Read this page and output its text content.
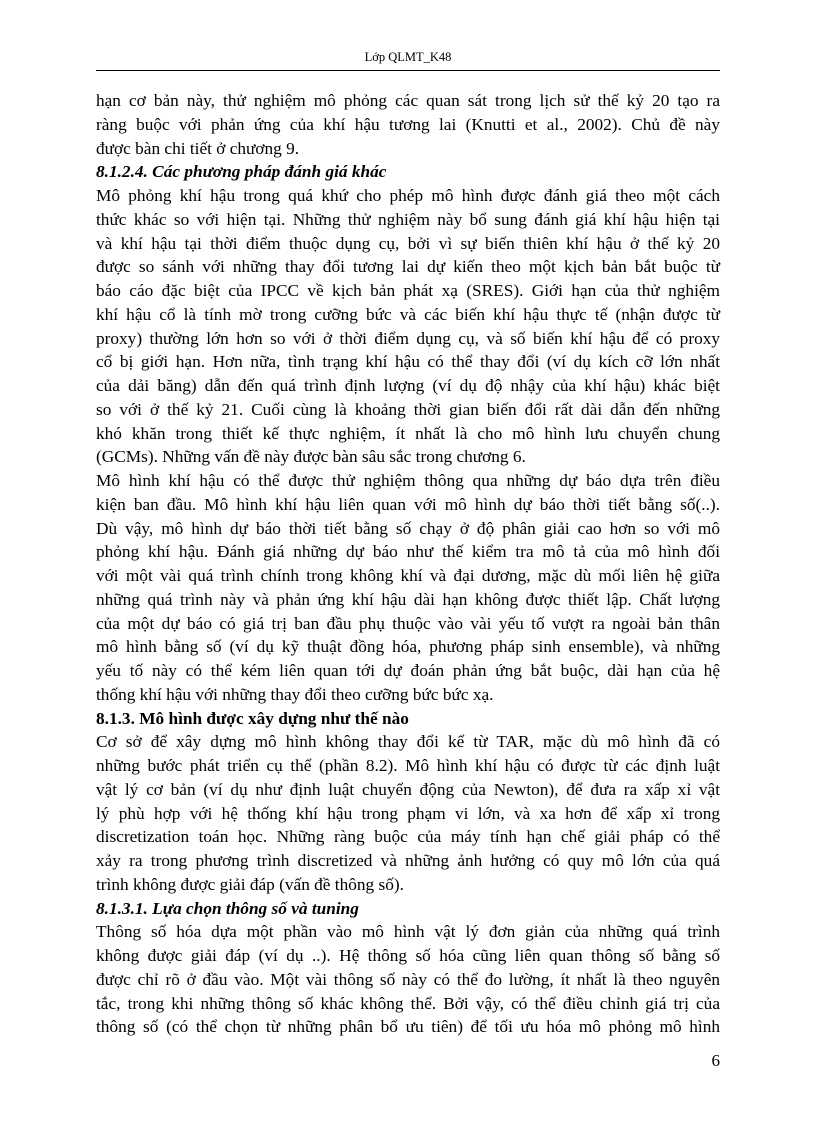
Lớp QLMT_K48
hạn cơ bản này, thử nghiệm mô phỏng các quan sát trong lịch sử thế kỷ 20 tạo ra
ràng buộc với phản ứng của khí hậu tương lai (Knutti et al., 2002). Chủ đề này
được bàn chi tiết ở chương 9.
8.1.2.4. Các phương pháp đánh giá khác
Mô phỏng khí hậu trong quá khứ cho phép mô hình được đánh giá theo một cách
thức khác so với hiện tại. Những thử nghiệm này bổ sung đánh giá khí hậu hiện tại
và khí hậu tại thời điểm thuộc dụng cụ, bởi vì sự biến thiên khí hậu ở thế kỷ 20
được so sánh với những thay đổi tương lai dự kiến theo một kịch bản bắt buộc từ
báo cáo đặc biệt của IPCC về kịch bản phát xạ (SRES). Giới hạn của thử nghiệm
khí hậu cổ là tính mờ trong cưỡng bức và các biến khí hậu thực tế (nhận được từ
proxy) thường lớn hơn so với ở thời điểm dụng cụ, và số biến khí hậu để có proxy
cổ bị giới hạn. Hơn nữa, tình trạng khí hậu có thể thay đổi (ví dụ kích cỡ lớn nhất
của dải băng) dẫn đến quá trình định lượng (ví dụ độ nhậy của khí hậu) khác biệt
so với ở thế kỷ 21. Cuối cùng là khoảng thời gian biến đổi rất dài dẫn đến những
khó khăn trong thiết kế thực nghiệm, ít nhất là cho mô hình lưu chuyển chung
(GCMs). Những vấn đề này được bàn sâu sắc trong chương 6.
Mô hình khí hậu có thể được thử nghiệm thông qua những dự báo dựa trên điều
kiện ban đầu. Mô hình khí hậu liên quan với mô hình dự báo thời tiết bằng số(..).
Dù vậy, mô hình dự báo thời tiết bằng số chạy ở độ phân giải cao hơn so với mô
phỏng khí hậu. Đánh giá những dự báo như thế kiểm tra mô tả của mô hình đối
với một vài quá trình chính trong không khí và đại dương, mặc dù mối liên hệ giữa
những quá trình này và phản ứng khí hậu dài hạn không được thiết lập. Chất lượng
của một dự báo có giá trị ban đầu phụ thuộc vào vài yếu tố vượt ra ngoài bản thân
mô hình bằng số (ví dụ kỹ thuật đồng hóa, phương pháp sinh ensemble), và những
yếu tố này có thể kém liên quan tới dự đoán phản ứng bắt buộc, dài hạn của hệ
thống khí hậu với những thay đổi theo cưỡng bức bức xạ.
8.1.3. Mô hình được xây dựng như thế nào
Cơ sở để xây dựng mô hình không thay đổi kể từ TAR, mặc dù mô hình đã có
những bước phát triển cụ thể (phần 8.2). Mô hình khí hậu có được từ các định luật
vật lý cơ bản (ví dụ như định luật chuyển động của Newton), để đưa ra xấp xỉ vật
lý phù hợp với hệ thống khí hậu trong phạm vi lớn, và xa hơn để xấp xỉ trong
discretization toán học. Những ràng buộc của máy tính hạn chế giải pháp có thể
xảy ra trong phương trình discretized và những ảnh hưởng có quy mô lớn của quá
trình không được giải đáp (vấn đề thông số).
8.1.3.1. Lựa chọn thông số và tuning
Thông số hóa dựa một phần vào mô hình vật lý đơn giản của những quá trình
không được giải đáp (ví dụ ..). Hệ thông số hóa cũng liên quan thông số bằng số
được chỉ rõ ở đầu vào. Một vài thông số này có thể đo lường, ít nhất là theo nguyên
tắc, trong khi những thông số khác không thể. Bởi vậy, có thể điều chỉnh giá trị của
thông số (có thể chọn từ những phân bổ ưu tiên) để tối ưu hóa mô phỏng mô hình
6
